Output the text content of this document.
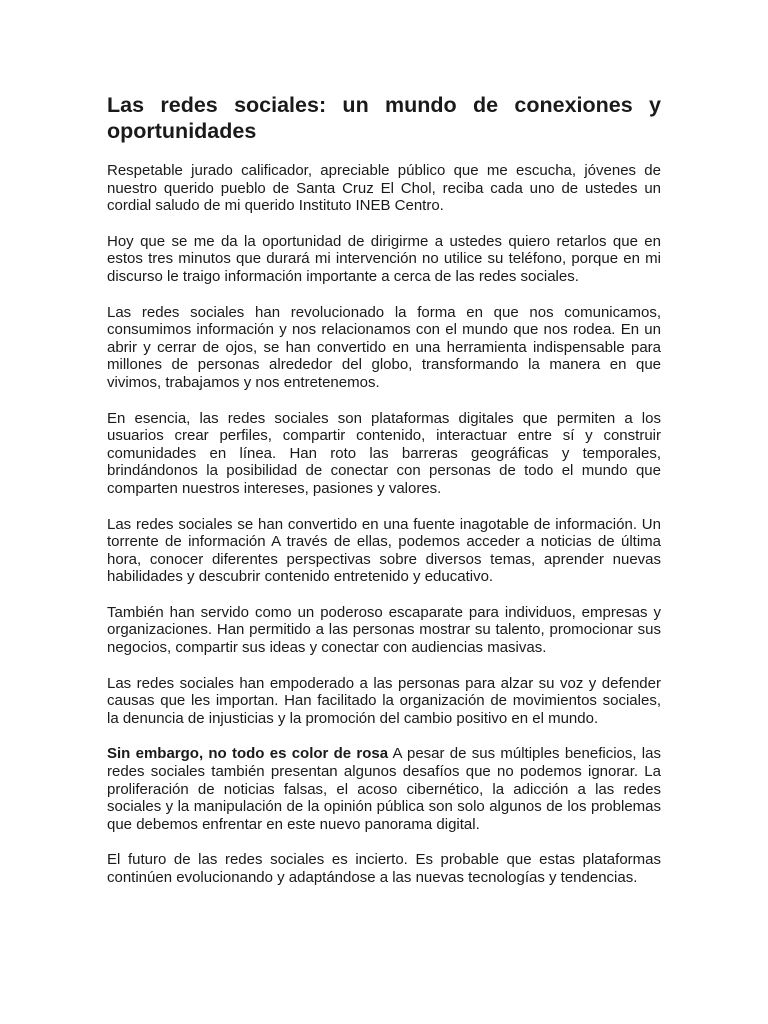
Las redes sociales: un mundo de conexiones y oportunidades

Respetable jurado calificador, apreciable público que me escucha, jóvenes de nuestro querido pueblo de Santa Cruz El Chol, reciba cada uno de ustedes un cordial saludo de mi querido Instituto INEB Centro.

Hoy que se me da la oportunidad de dirigirme a ustedes quiero retarlos que en estos tres minutos que durará mi intervención no utilice su teléfono, porque en mi discurso le traigo información importante a cerca de las redes sociales.

Las redes sociales han revolucionado la forma en que nos comunicamos, consumimos información y nos relacionamos con el mundo que nos rodea. En un abrir y cerrar de ojos, se han convertido en una herramienta indispensable para millones de personas alrededor del globo, transformando la manera en que vivimos, trabajamos y nos entretenemos.

En esencia, las redes sociales son plataformas digitales que permiten a los usuarios crear perfiles, compartir contenido, interactuar entre sí y construir comunidades en línea. Han roto las barreras geográficas y temporales, brindándonos la posibilidad de conectar con personas de todo el mundo que comparten nuestros intereses, pasiones y valores.

Las redes sociales se han convertido en una fuente inagotable de información. Un torrente de información A través de ellas, podemos acceder a noticias de última hora, conocer diferentes perspectivas sobre diversos temas, aprender nuevas habilidades y descubrir contenido entretenido y educativo.

También han servido como un poderoso escaparate para individuos, empresas y organizaciones. Han permitido a las personas mostrar su talento, promocionar sus negocios, compartir sus ideas y conectar con audiencias masivas.

Las redes sociales han empoderado a las personas para alzar su voz y defender causas que les importan. Han facilitado la organización de movimientos sociales, la denuncia de injusticias y la promoción del cambio positivo en el mundo.

Sin embargo, no todo es color de rosa A pesar de sus múltiples beneficios, las redes sociales también presentan algunos desafíos que no podemos ignorar. La proliferación de noticias falsas, el acoso cibernético, la adicción a las redes sociales y la manipulación de la opinión pública son solo algunos de los problemas que debemos enfrentar en este nuevo panorama digital.

El futuro de las redes sociales es incierto. Es probable que estas plataformas continúen evolucionando y adaptándose a las nuevas tecnologías y tendencias.
